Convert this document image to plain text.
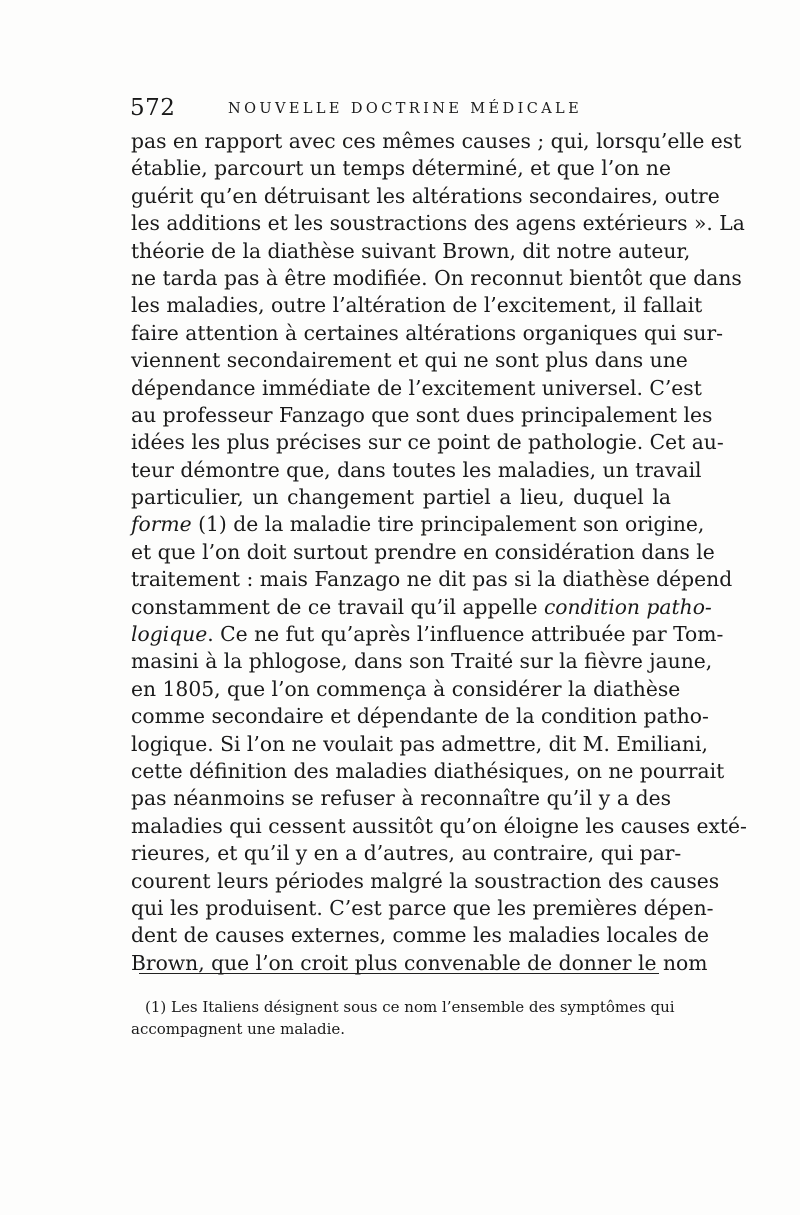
572	NOUVELLE DOCTRINE MÉDICALE
pas en rapport avec ces mêmes causes ; qui, lorsqu’elle est
établie, parcourt un temps déterminé, et que l’on ne
guérit qu’en détruisant les altérations secondaires, outre
les additions et les soustractions des agens extérieurs ». La
théorie de la diathèse suivant Brown, dit notre auteur,
ne tarda pas à être modifiée. On reconnut bientôt que dans
les maladies, outre l’altération de l’excitement, il fallait
faire attention à certaines altérations organiques qui sur-
viennent secondairement et qui ne sont plus dans une
dépendance immédiate de l’excitement universel. C’est
au professeur Fanzago que sont dues principalement les
idées les plus précises sur ce point de pathologie. Cet au-
teur démontre que, dans toutes les maladies, un travail
particulier, un changement partiel a lieu, duquel la
forme (1) de la maladie tire principalement son origine,
et que l’on doit surtout prendre en considération dans le
traitement : mais Fanzago ne dit pas si la diathèse dépend
constamment de ce travail qu’il appelle condition patho-
logique. Ce ne fut qu’après l’influence attribuée par Tom-
masini à la phlogose, dans son Traité sur la fièvre jaune,
en 1805, que l’on commença à considérer la diathèse
comme secondaire et dépendante de la condition patho-
logique. Si l’on ne voulait pas admettre, dit M. Emiliani,
cette définition des maladies diathésiques, on ne pourrait
pas néanmoins se refuser à reconnaître qu’il y a des
maladies qui cessent aussitôt qu’on éloigne les causes exté-
rieures, et qu’il y en a d’autres, au contraire, qui par-
courent leurs périodes malgré la soustraction des causes
qui les produisent. C’est parce que les premières dépen-
dent de causes externes, comme les maladies locales de
Brown, que l’on croit plus convenable de donner le nom
(1) Les Italiens désignent sous ce nom l’ensemble des symptômes qui
accompagnent une maladie.
